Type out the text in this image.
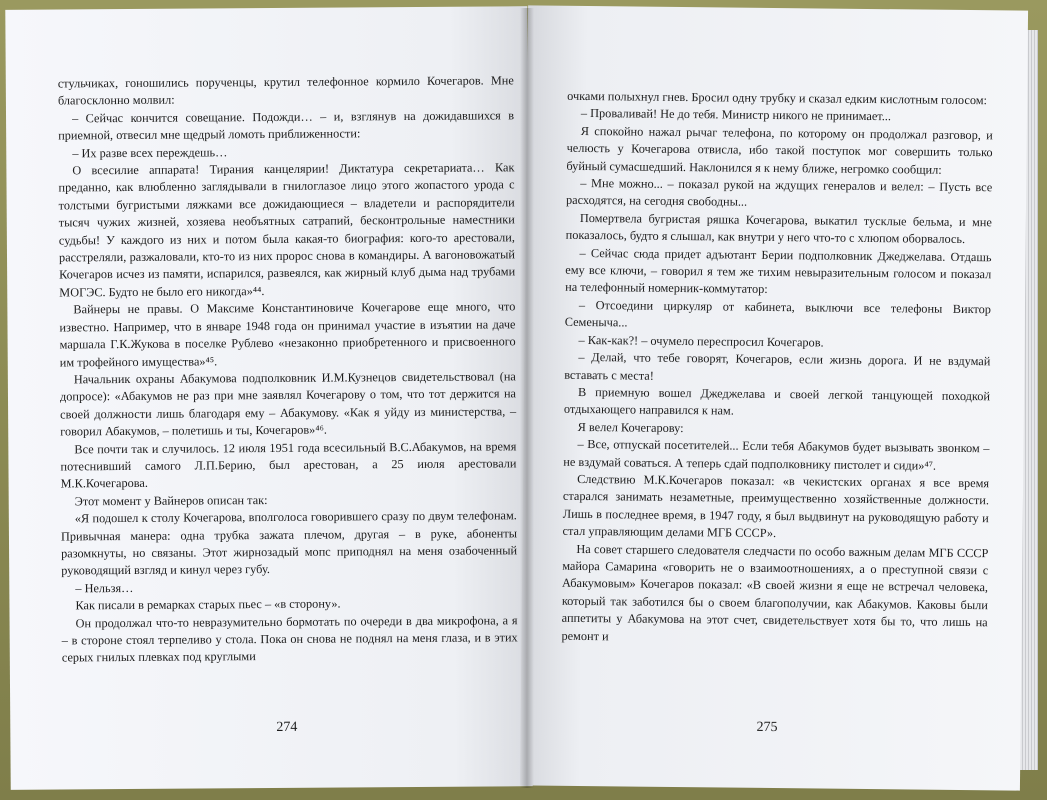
стульчиках, гоношились порученцы, крутил телефонное кормило Кочегаров. Мне благосклонно молвил:

– Сейчас кончится совещание. Подожди… – и, взглянув на дожидавшихся в приемной, отвесил мне щедрый ломоть приближенности:

– Их разве всех переждешь…

О всесилие аппарата! Тирания канцелярии! Диктатура секретариата… Как преданно, как влюбленно заглядывали в гнилоглазое лицо этого жопастого урода с толстыми бугристыми ляжками все дожидающиеся – владетели и распорядители тысяч чужих жизней, хозяева необъятных сатрапий, бесконтрольные наместники судьбы! У каждого из них и потом была какая-то биография: кого-то арестовали, расстреляли, разжаловали, кто-то из них пророс снова в командиры. А вагоновожатый Кочегаров исчез из памяти, испарился, развеялся, как жирный клуб дыма над трубами МОГЭС. Будто не было его никогда»⁴⁴.

Вайнеры не правы. О Максиме Константиновиче Кочегарове еще много, что известно. Например, что в январе 1948 года он принимал участие в изъятии на даче маршала Г.К.Жукова в поселке Рублево «незаконно приобретенного и присвоенного им трофейного имущества»⁴⁵.

Начальник охраны Абакумова подполковник И.М.Кузнецов свидетельствовал (на допросе): «Абакумов не раз при мне заявлял Кочегарову о том, что тот держится на своей должности лишь благодаря ему – Абакумову. «Как я уйду из министерства, – говорил Абакумов, – полетишь и ты, Кочегаров»⁴⁶.

Все почти так и случилось. 12 июля 1951 года всесильный В.С.Абакумов, на время потеснивший самого Л.П.Берию, был арестован, а 25 июля арестовали М.К.Кочегарова.

Этот момент у Вайнеров описан так:

«Я подошел к столу Кочегарова, вполголоса говорившего сразу по двум телефонам. Привычная манера: одна трубка зажата плечом, другая – в руке, абоненты разомкнуты, но связаны. Этот жирнозадый мопс приподнял на меня озабоченный руководящий взгляд и кинул через губу.

– Нельзя…

Как писали в ремарках старых пьес – «в сторону».

Он продолжал что-то невразумительно бормотать по очереди в два микрофона, а я – в стороне стоял терпеливо у стола. Пока он снова не поднял на меня глаза, и в этих серых гнилых плевках под круглыми

274

очками полыхнул гнев. Бросил одну трубку и сказал едким кислотным голосом:

– Проваливай! Не до тебя. Министр никого не принимает...

Я спокойно нажал рычаг телефона, по которому он продолжал разговор, и челюсть у Кочегарова отвисла, ибо такой поступок мог совершить только буйный сумасшедший. Наклонился я к нему ближе, негромко сообщил:

– Мне можно... – показал рукой на ждущих генералов и велел: – Пусть все расходятся, на сегодня свободны...

Помертвела бугристая ряшка Кочегарова, выкатил тусклые бельма, и мне показалось, будто я слышал, как внутри у него что-то с хлюпом оборвалось.

– Сейчас сюда придет адъютант Берии подполковник Джеджелава. Отдашь ему все ключи, – говорил я тем же тихим невыразительным голосом и показал на телефонный номерник-коммутатор:

– Отсоедини циркуляр от кабинета, выключи все телефоны Виктор Семеныча...

– Как-как?! – очумело переспросил Кочегаров.

– Делай, что тебе говорят, Кочегаров, если жизнь дорога. И не вздумай вставать с места!

В приемную вошел Джеджелава и своей легкой танцующей походкой отдыхающего направился к нам.

Я велел Кочегарову:

– Все, отпускай посетителей... Если тебя Абакумов будет вызывать звонком – не вздумай соваться. А теперь сдай подполковнику пистолет и сиди»⁴⁷.

Следствию М.К.Кочегаров показал: «в чекистских органах я все время старался занимать незаметные, преимущественно хозяйственные должности. Лишь в последнее время, в 1947 году, я был выдвинут на руководящую работу и стал управляющим делами МГБ СССР».

На совет старшего следователя следчасти по особо важным делам МГБ СССР майора Самарина «говорить не о взаимоотношениях, а о преступной связи с Абакумовым» Кочегаров показал: «В своей жизни я еще не встречал человека, который так заботился бы о своем благополучии, как Абакумов. Каковы были аппетиты у Абакумова на этот счет, свидетельствует хотя бы то, что лишь на ремонт и

275
